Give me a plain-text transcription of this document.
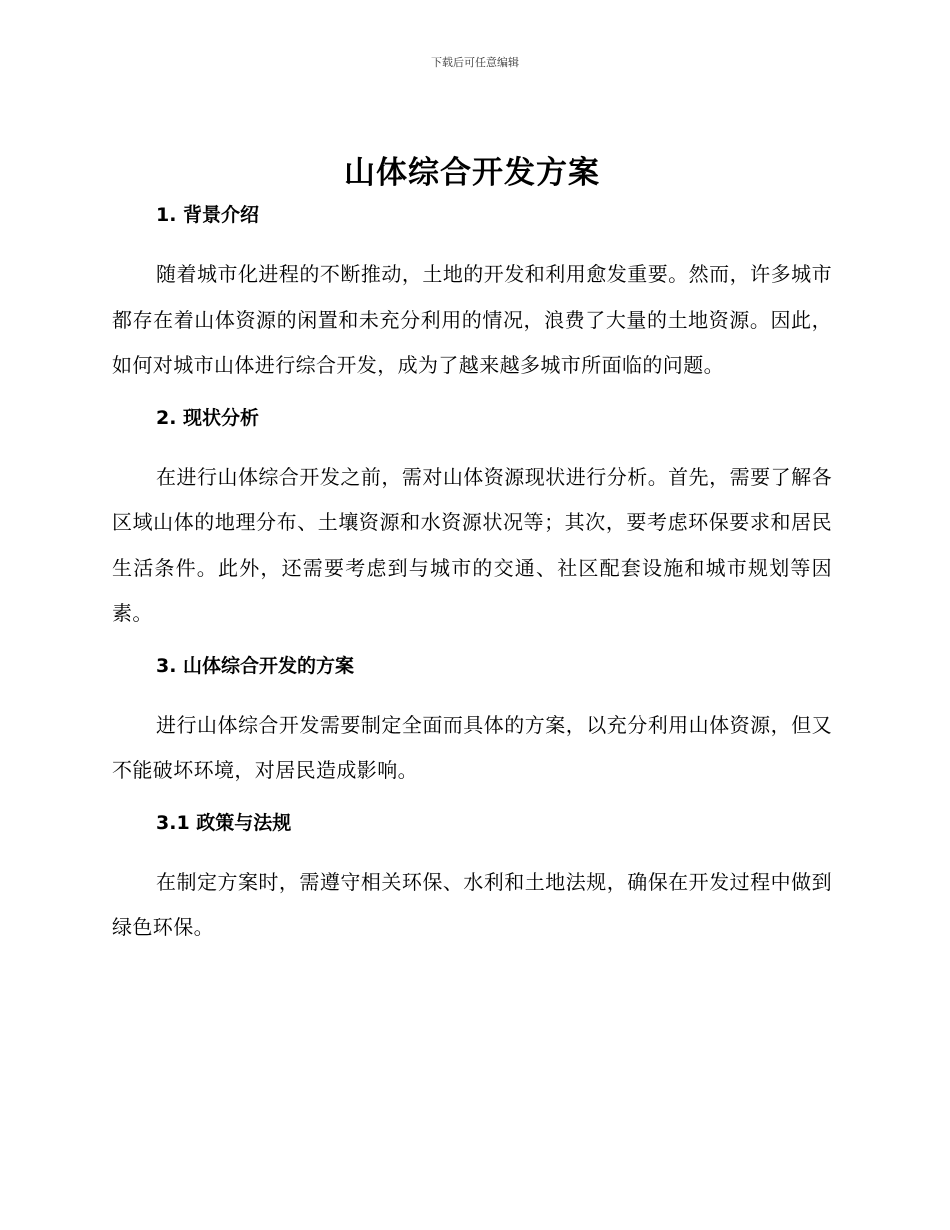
下载后可任意编辑
山体综合开发方案
1. 背景介绍

随着城市化进程的不断推动，土地的开发和利用愈发重要。然而，许多城市都存在着山体资源的闲置和未充分利用的情况，浪费了大量的土地资源。因此，如何对城市山体进行综合开发，成为了越来越多城市所面临的问题。

2. 现状分析

在进行山体综合开发之前，需对山体资源现状进行分析。首先，需要了解各区域山体的地理分布、土壤资源和水资源状况等；其次，要考虑环保要求和居民生活条件。此外，还需要考虑到与城市的交通、社区配套设施和城市规划等因素。

3. 山体综合开发的方案

进行山体综合开发需要制定全面而具体的方案，以充分利用山体资源，但又不能破坏环境，对居民造成影响。

3.1 政策与法规

在制定方案时，需遵守相关环保、水利和土地法规，确保在开发过程中做到绿色环保。
